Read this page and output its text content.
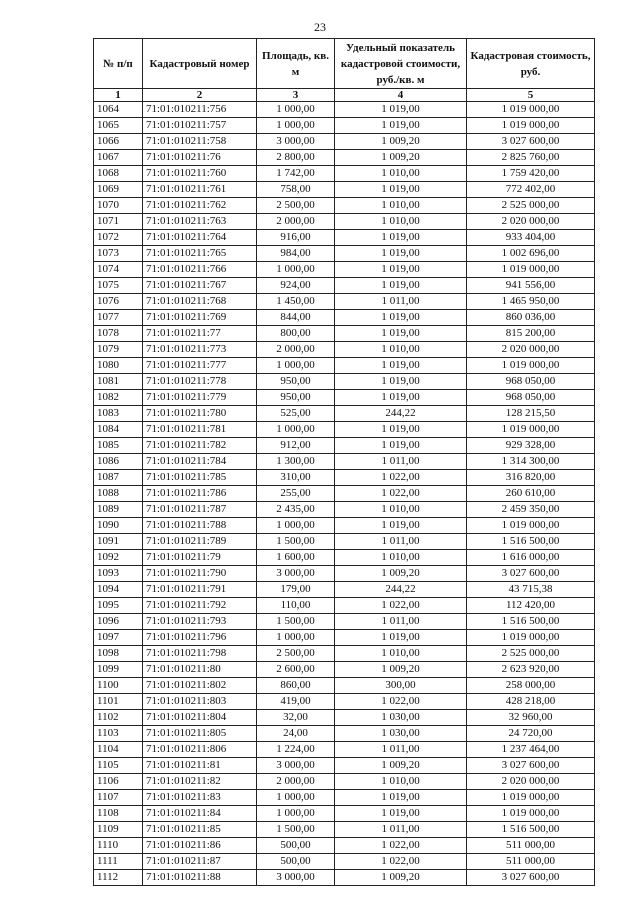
23
№ п/п	Кадастровый номер	Площадь, кв. м	Удельный показатель кадастровой стоимости, руб./кв. м	Кадастровая стоимость, руб.
1	2	3	4	5
1064	71:01:010211:756	1 000,00	1 019,00	1 019 000,00
1065	71:01:010211:757	1 000,00	1 019,00	1 019 000,00
1066	71:01:010211:758	3 000,00	1 009,20	3 027 600,00
1067	71:01:010211:76	2 800,00	1 009,20	2 825 760,00
1068	71:01:010211:760	1 742,00	1 010,00	1 759 420,00
1069	71:01:010211:761	758,00	1 019,00	772 402,00
1070	71:01:010211:762	2 500,00	1 010,00	2 525 000,00
1071	71:01:010211:763	2 000,00	1 010,00	2 020 000,00
1072	71:01:010211:764	916,00	1 019,00	933 404,00
1073	71:01:010211:765	984,00	1 019,00	1 002 696,00
1074	71:01:010211:766	1 000,00	1 019,00	1 019 000,00
1075	71:01:010211:767	924,00	1 019,00	941 556,00
1076	71:01:010211:768	1 450,00	1 011,00	1 465 950,00
1077	71:01:010211:769	844,00	1 019,00	860 036,00
1078	71:01:010211:77	800,00	1 019,00	815 200,00
1079	71:01:010211:773	2 000,00	1 010,00	2 020 000,00
1080	71:01:010211:777	1 000,00	1 019,00	1 019 000,00
1081	71:01:010211:778	950,00	1 019,00	968 050,00
1082	71:01:010211:779	950,00	1 019,00	968 050,00
1083	71:01:010211:780	525,00	244,22	128 215,50
1084	71:01:010211:781	1 000,00	1 019,00	1 019 000,00
1085	71:01:010211:782	912,00	1 019,00	929 328,00
1086	71:01:010211:784	1 300,00	1 011,00	1 314 300,00
1087	71:01:010211:785	310,00	1 022,00	316 820,00
1088	71:01:010211:786	255,00	1 022,00	260 610,00
1089	71:01:010211:787	2 435,00	1 010,00	2 459 350,00
1090	71:01:010211:788	1 000,00	1 019,00	1 019 000,00
1091	71:01:010211:789	1 500,00	1 011,00	1 516 500,00
1092	71:01:010211:79	1 600,00	1 010,00	1 616 000,00
1093	71:01:010211:790	3 000,00	1 009,20	3 027 600,00
1094	71:01:010211:791	179,00	244,22	43 715,38
1095	71:01:010211:792	110,00	1 022,00	112 420,00
1096	71:01:010211:793	1 500,00	1 011,00	1 516 500,00
1097	71:01:010211:796	1 000,00	1 019,00	1 019 000,00
1098	71:01:010211:798	2 500,00	1 010,00	2 525 000,00
1099	71:01:010211:80	2 600,00	1 009,20	2 623 920,00
1100	71:01:010211:802	860,00	300,00	258 000,00
1101	71:01:010211:803	419,00	1 022,00	428 218,00
1102	71:01:010211:804	32,00	1 030,00	32 960,00
1103	71:01:010211:805	24,00	1 030,00	24 720,00
1104	71:01:010211:806	1 224,00	1 011,00	1 237 464,00
1105	71:01:010211:81	3 000,00	1 009,20	3 027 600,00
1106	71:01:010211:82	2 000,00	1 010,00	2 020 000,00
1107	71:01:010211:83	1 000,00	1 019,00	1 019 000,00
1108	71:01:010211:84	1 000,00	1 019,00	1 019 000,00
1109	71:01:010211:85	1 500,00	1 011,00	1 516 500,00
1110	71:01:010211:86	500,00	1 022,00	511 000,00
1111	71:01:010211:87	500,00	1 022,00	511 000,00
1112	71:01:010211:88	3 000,00	1 009,20	3 027 600,00
